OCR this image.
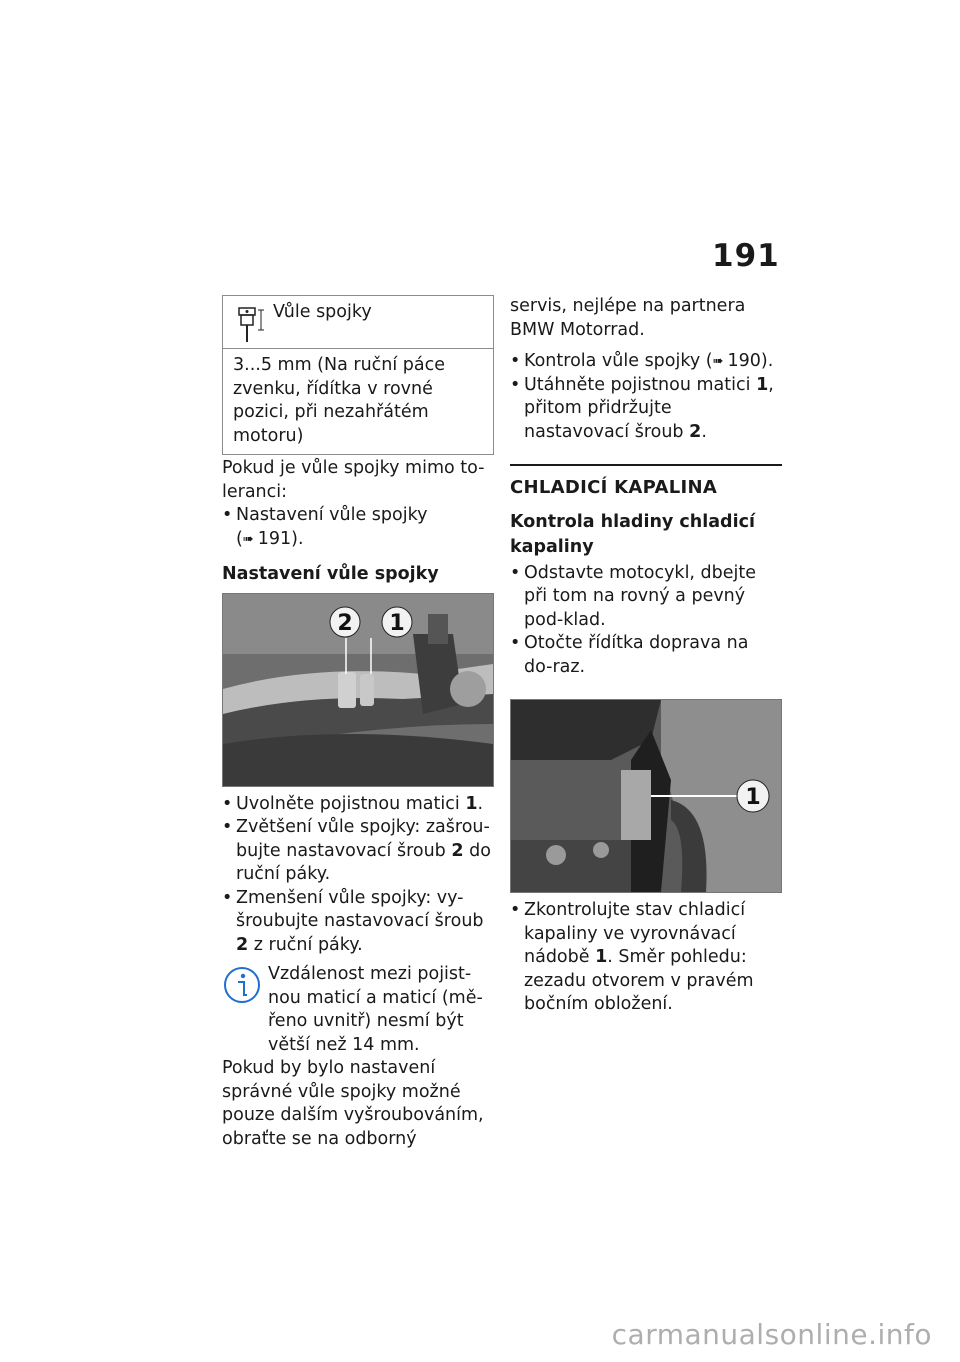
191
Vůle spojky
3...5 mm (Na ruční páce zvenku, řídítka v rovné pozici, při nezahřátém motoru)

Pokud je vůle spojky mimo to-leranci:

• Nastavení vůle spojky
(➠ 191).

Nastavení vůle spojky

2 1
• Uvolněte pojistnou matici 1.
• Zvětšení vůle spojky: zašrou-bujte nastavovací šroub 2 do ruční páky.
• Zmenšení vůle spojky: vy-šroubujte nastavovací šroub 2 z ruční páky.
Vzdálenost mezi pojist-nou maticí a maticí (mě-řeno uvnitř) nesmí být větší než 14 mm.

Pokud by bylo nastavení správné vůle spojky možné pouze dalším vyšroubováním, obraťte se na odborný

servis, nejlépe na partnera BMW Motorrad.

• Kontrola vůle spojky (➠ 190).
• Utáhněte pojistnou matici 1, přitom přidržujte nastavovací šroub 2.
CHLADICÍ KAPALINA
Kontrola hladiny chladicí kapaliny
• Odstavte motocykl, dbejte při tom na rovný a pevný pod-klad.
• Otočte řídítka doprava na do-raz.
1
• Zkontrolujte stav chladicí kapaliny ve vyrovnávací nádobě 1. Směr pohledu: zezadu otvorem v pravém bočním obložení.
carmanualsonline.info
